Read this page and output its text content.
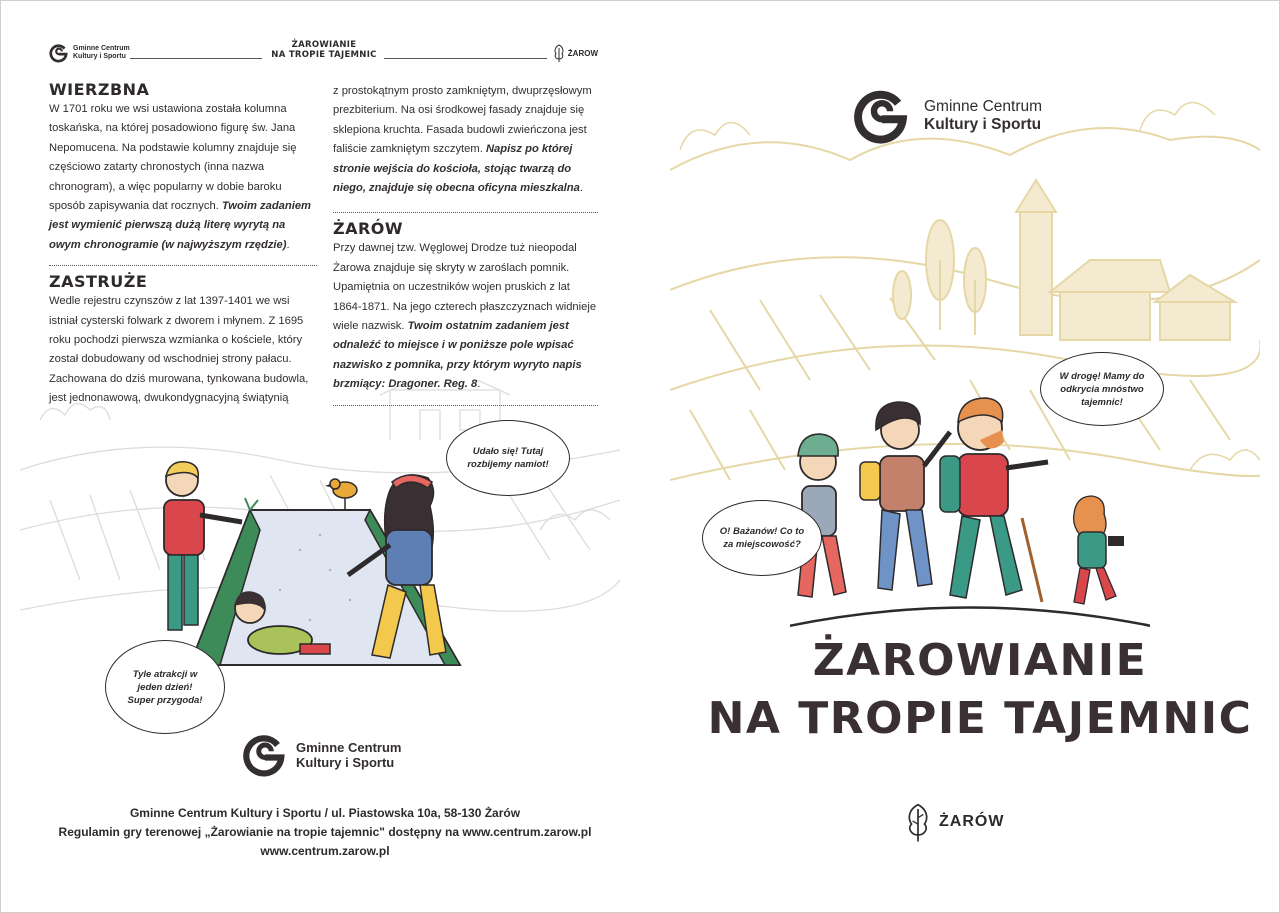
Gminne Centrum
Kultury i Sportu
ŻAROWIANIE
NA TROPIE TAJEMNIC	ŻAROW
WIERZBNA

W 1701 roku we wsi ustawiona została kolumna toskańska, na której posadowiono figurę św. Jana Nepomucena. Na podstawie kolumny znajduje się częściowo zatarty chronostych (inna nazwa chronogram), a więc popularny w dobie baroku sposób zapisywania dat rocznych. Twoim zadaniem jest wymienić pierwszą dużą literę wyrytą na owym chronogramie (w najwyższym rzędzie).

ZASTRUŻE

Wedle rejestru czynszów z lat 1397-1401 we wsi istniał cysterski folwark z dworem i młynem. Z 1695 roku pochodzi pierwsza wzmianka o kościele, który został dobudowany od wschodniej strony pałacu. Zachowana do dziś murowana, tynkowana budowla, jest jednonawową, dwukondygnacyjną świątynią

z prostokątnym prosto zamkniętym, dwuprzęsłowym prezbiterium. Na osi środkowej fasady znajduje się sklepiona kruchta. Fasada budowli zwieńczona jest faliście zamkniętym szczytem. Napisz po której stronie wejścia do kościoła, stojąc twarzą do niego, znajduje się obecna oficyna mieszkalna.

ŻARÓW

Przy dawnej tzw. Węglowej Drodze tuż nieopodal Żarowa znajduje się skryty w zaroślach pomnik. Upamiętnia on uczestników wojen pruskich z lat 1864-1871. Na jego czterech płaszczyznach widnieje wiele nazwisk. Twoim ostatnim zadaniem jest odnaleźć to miejsce i w poniższe pole wpisać nazwisko z pomnika, przy którym wyryto napis brzmiący: Dragoner. Reg. 8.

Udało się! Tutaj rozbijemy namiot!
Tyle atrakcji w jeden dzień! Super przygoda!
Gminne Centrum
Kultury i Sportu
Gminne Centrum Kultury i Sportu / ul. Piastowska 10a, 58-130 Żarów
Regulamin gry terenowej „Żarowianie na tropie tajemnic" dostępny na www.centrum.zarow.pl
www.centrum.zarow.pl
Gminne Centrum
Kultury i Sportu
W drogę! Mamy do odkrycia mnóstwo tajemnic!
O! Bażanów! Co to za miejscowość?
ŻAROWIANIE
NA TROPIE TAJEMNIC
ŻARÓW
